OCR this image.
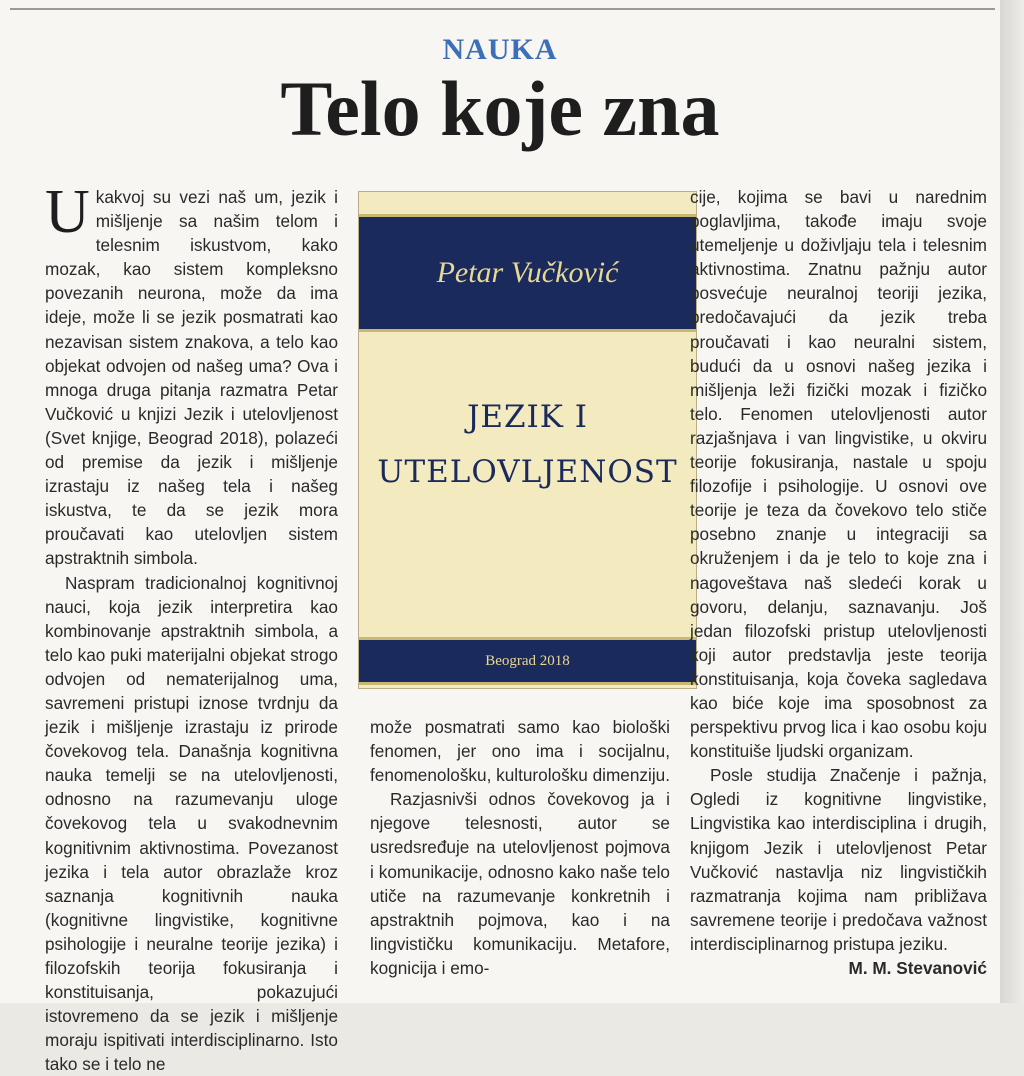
NAUKA
Telo koje zna

Ukakvoj su vezi naš um, jezik i mišljenje sa našim telom i telesnim iskustvom, kako mozak, kao sistem kompleksno povezanih neurona, može da ima ideje, može li se jezik posmatrati kao nezavisan sistem znakova, a telo kao objekat odvojen od našeg uma? Ova i mnoga druga pitanja razmatra Petar Vučković u knjizi Jezik i utelovljenost (Svet knjige, Beograd 2018), polazeći od premise da jezik i mišljenje izrastaju iz našeg tela i našeg iskustva, te da se jezik mora proučavati kao utelovljen sistem apstraktnih simbola.

Naspram tradicionalnoj kognitivnoj nauci, koja jezik interpretira kao kombinovanje apstraktnih simbola, a telo kao puki materijalni objekat strogo odvojen od nematerijalnog uma, savremeni pristupi iznose tvrdnju da jezik i mišljenje izrastaju iz prirode čovekovog tela. Današnja kognitivna nauka temelji se na utelovljenosti, odnosno na razumevanju uloge čovekovog tela u svakodnevnim kognitivnim aktivnostima. Povezanost jezika i tela autor obrazlaže kroz saznanja kognitivnih nauka (kognitivne lingvistike, kognitivne psihologije i neuralne teorije jezika) i filozofskih teorija fokusiranja i konstituisanja, pokazujući istovremeno da se jezik i mišljenje moraju ispitivati interdisciplinarno. Isto tako se i telo ne

Petar Vučković
JEZIK I
UTELOVLJENOST
Beograd 2018

može posmatrati samo kao biološki fenomen, jer ono ima i socijalnu, fenomenološku, kulturološku dimenziju.

Razjasnivši odnos čovekovog ja i njegove telesnosti, autor se usredsređuje na utelovljenost pojmova i komunikacije, odnosno kako naše telo utiče na razumevanje konkretnih i apstraktnih pojmova, kao i na lingvističku komunikaciju. Metafore, kognicija i emo-

cije, kojima se bavi u narednim poglavljima, takođe imaju svoje utemeljenje u doživljaju tela i telesnim aktivnostima. Znatnu pažnju autor posvećuje neuralnoj teoriji jezika, predočavajući da jezik treba proučavati i kao neuralni sistem, budući da u osnovi našeg jezika i mišljenja leži fizički mozak i fizičko telo. Fenomen utelovljenosti autor razjašnjava i van lingvistike, u okviru teorije fokusiranja, nastale u spoju filozofije i psihologije. U osnovi ove teorije je teza da čovekovo telo stiče posebno znanje u integraciji sa okruženjem i da je telo to koje zna i nagoveštava naš sledeći korak u govoru, delanju, saznavanju. Još jedan filozofski pristup utelovljenosti koji autor predstavlja jeste teorija konstituisanja, koja čoveka sagledava kao biće koje ima sposobnost za perspektivu prvog lica i kao osobu koju konstituiše ljudski organizam.

Posle studija Značenje i pažnja, Ogledi iz kognitivne lingvistike, Lingvistika kao interdisciplina i drugih, knjigom Jezik i utelovljenost Petar Vučković nastavlja niz lingvističkih razmatranja kojima nam približava savremene teorije i predočava važnost interdisciplinarnog pristupa jeziku.

M. M. Stevanović
